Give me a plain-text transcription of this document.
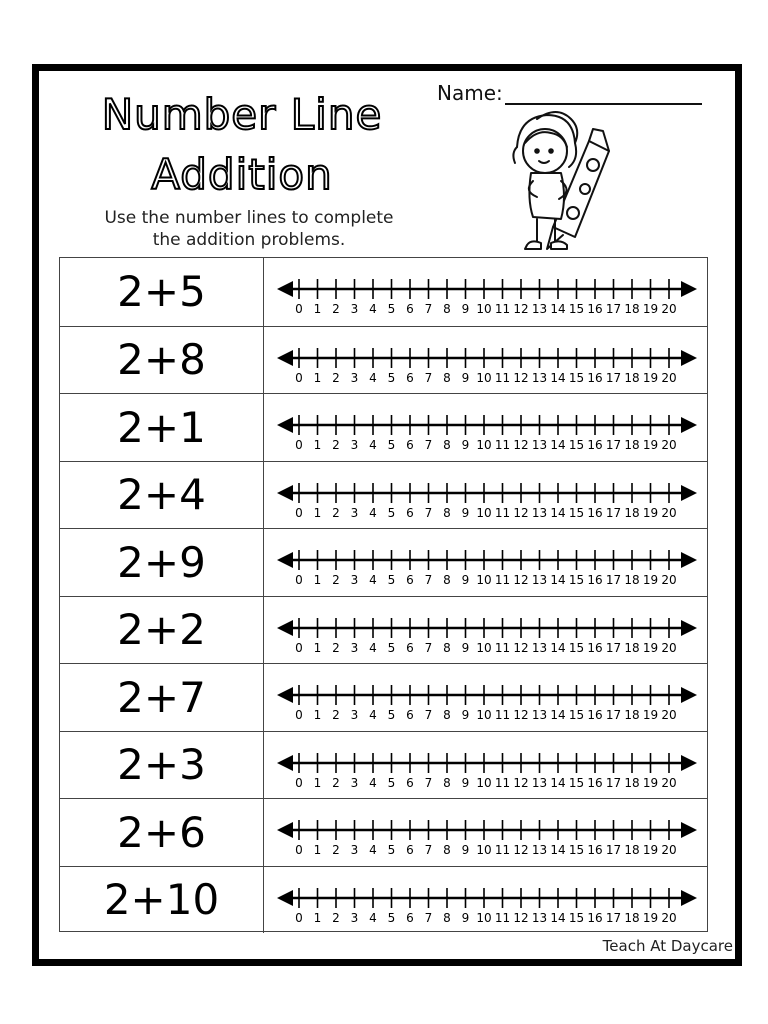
Number Line
Addition
Use the number lines to complete
the addition problems.
Name:
2+5	0 1 2 3 4 5 6 7 8 9 10 11 12 13 14 15 16 17 18 19 20
2+8	0 1 2 3 4 5 6 7 8 9 10 11 12 13 14 15 16 17 18 19 20
2+1	0 1 2 3 4 5 6 7 8 9 10 11 12 13 14 15 16 17 18 19 20
2+4	0 1 2 3 4 5 6 7 8 9 10 11 12 13 14 15 16 17 18 19 20
2+9	0 1 2 3 4 5 6 7 8 9 10 11 12 13 14 15 16 17 18 19 20
2+2	0 1 2 3 4 5 6 7 8 9 10 11 12 13 14 15 16 17 18 19 20
2+7	0 1 2 3 4 5 6 7 8 9 10 11 12 13 14 15 16 17 18 19 20
2+3	0 1 2 3 4 5 6 7 8 9 10 11 12 13 14 15 16 17 18 19 20
2+6	0 1 2 3 4 5 6 7 8 9 10 11 12 13 14 15 16 17 18 19 20
2+10	0 1 2 3 4 5 6 7 8 9 10 11 12 13 14 15 16 17 18 19 20
Teach At Daycare
